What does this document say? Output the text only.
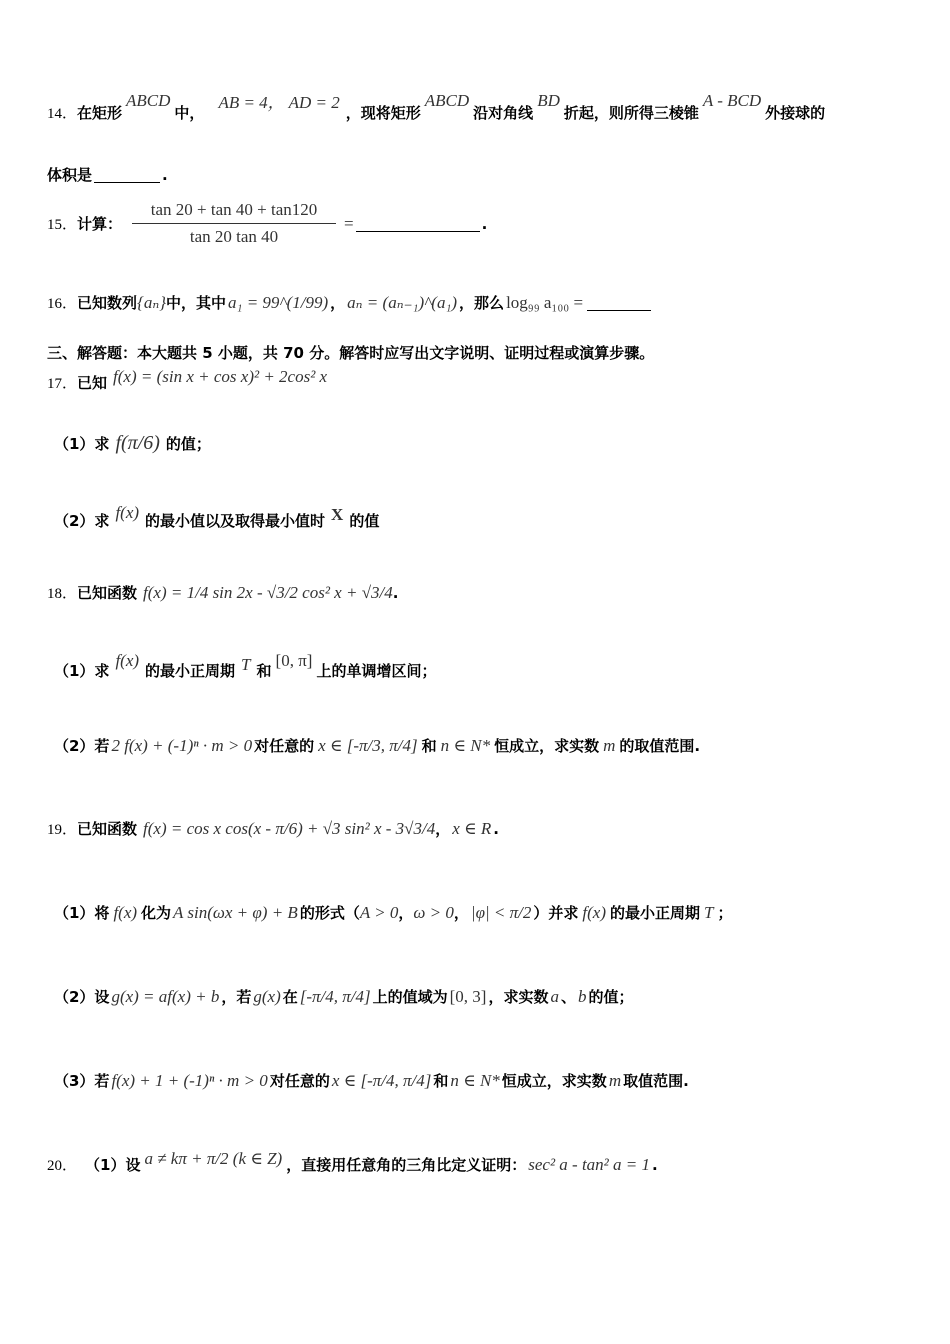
14． 在矩形
ABCD
中，
AB = 4， AD = 2
，现将矩形
ABCD
沿对角线
BD
折起，则所得三棱锥
A - BCD
外接球的
体积是	.
15． 计算： $\frac{\tan 20 + \tan 40 + \tan 120}{\tan 20 \tan 40}$ =	.
16． 已知数列 {aₙ} 中，其中 a₁ = 99^(1/99) ， aₙ = (aₙ₋₁)^(a₁) ，那么 log₉₉ a₁₀₀ =
三、解答题：本大题共 5 小题，共 70 分。解答时应写出文字说明、证明过程或演算步骤。
17． 已知 f(x) = (sin x + cos x)² + 2cos² x
（1）求 f(π/6) 的值；
（2）求 f(x) 的最小值以及取得最小值时 X 的值
18． 已知函数 f(x) = 1/4 sin 2x - √3/2 cos² x + √3/4 .
（1）求
f(x)
的最小正周期 T 和
[0, π]
上的单调增区间；
（2）若 2 f(x) + (-1)ⁿ · m > 0 对任意的 x ∈ [-π/3, π/4] 和 n ∈ N* 恒成立，求实数 m 的取值范围.
19． 已知函数 f(x) = cos x cos(x - π/6) + √3 sin² x - 3√3/4 ， x ∈ R .
（1）将 f(x) 化为 A sin(ωx + φ) + B 的形式（ A > 0 ， ω > 0 ， |φ| < π/2 ）并求 f(x) 的最小正周期 T ；
（2）设 g(x) = af(x) + b ，若 g(x) 在 [-π/4, π/4] 上的值域为 [0, 3] ，求实数 a 、 b 的值；
（3）若 f(x) + 1 + (-1)ⁿ · m > 0 对任意的 x ∈ [-π/4, π/4] 和 n ∈ N* 恒成立，求实数 m 取值范围.
20． （1）设 a ≠ kπ + π/2 (k ∈ Z) ，直接用任意角的三角比定义证明： sec² a - tan² a = 1 .
